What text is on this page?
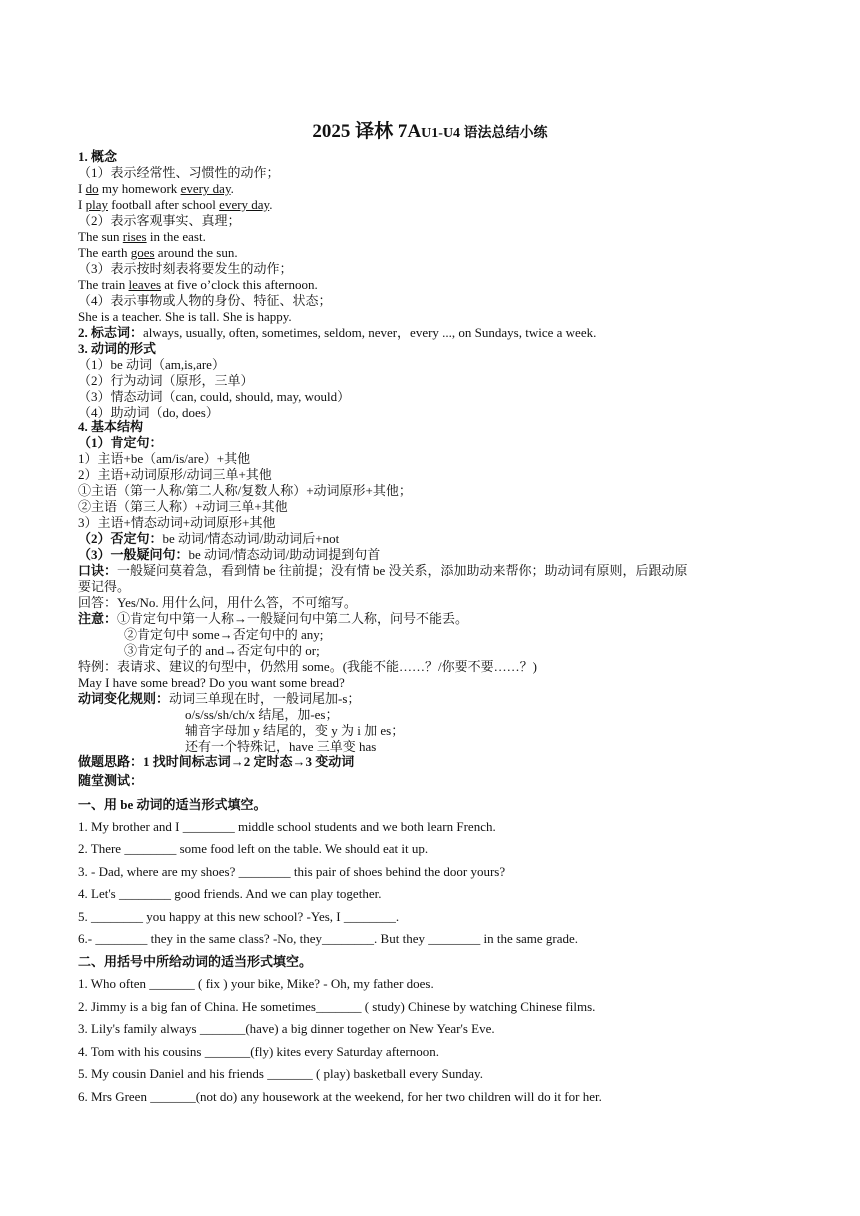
2025 译林 7AU1-U4 语法总结小练
1. 概念
（1）表示经常性、习惯性的动作；
I do my homework every day.
I play football after school every day.
（2）表示客观事实、真理；
The sun rises in the east.
The earth goes around the sun.
（3）表示按时刻表将要发生的动作；
The train leaves at five o’clock this afternoon.
（4）表示事物或人物的身份、特征、状态；
She is a teacher. She is tall. She is happy.
2. 标志词：always, usually, often, sometimes, seldom, never，every ..., on Sundays, twice a week.
3. 动词的形式
（1）be 动词（am,is,are）
（2）行为动词（原形，三单）
（3）情态动词（can, could, should, may, would）
（4）助动词（do, does）
4. 基本结构
（1）肯定句：
1）主语+be（am/is/are）+其他
2）主语+动词原形/动词三单+其他
①主语（第一人称/第二人称/复数人称）+动词原形+其他；
②主语（第三人称）+动词三单+其他
3）主语+情态动词+动词原形+其他
（2）否定句：be 动词/情态动词/助动词后+not
（3）一般疑问句：be 动词/情态动词/助动词提到句首
口诀：一般疑问莫着急，看到情 be 往前提；没有情 be 没关系，添加助动来帮你；助动词有原则，后跟动原
要记得。
回答：Yes/No. 用什么问，用什么答，不可缩写。
注意：①肯定句中第一人称→一般疑问句中第二人称，问号不能丢。
②肯定句中 some→否定句中的 any;
③肯定句子的 and→否定句中的 or;
特例：表请求、建议的句型中，仍然用 some。(我能不能……？/你要不要……？)
May I have some bread? Do you want some bread?
动词变化规则：动词三单现在时，一般词尾加-s；
o/s/ss/sh/ch/x 结尾，加-es；
辅音字母加 y 结尾的，变 y 为 i 加 es；
还有一个特殊记，have 三单变 has
做题思路：1 找时间标志词→2 定时态→3 变动词
随堂测试：
一、用 be 动词的适当形式填空。
1. My brother and I ________ middle school students and we both learn French.
2. There ________ some food left on the table. We should eat it up.
3. - Dad, where are my shoes? ________ this pair of shoes behind the door yours?
4. Let's ________ good friends. And we can play together.
5. ________ you happy at this new school? -Yes, I ________.
6.- ________ they in the same class? -No, they________. But they ________ in the same grade.
二、用括号中所给动词的适当形式填空。
1. Who often _______ ( fix ) your bike, Mike? - Oh, my father does.
2. Jimmy is a big fan of China. He sometimes_______ ( study) Chinese by watching Chinese films.
3. Lily's family always _______(have) a big dinner together on New Year's Eve.
4. Tom with his cousins _______(fly) kites every Saturday afternoon.
5. My cousin Daniel and his friends _______ ( play) basketball every Sunday.
6. Mrs Green _______(not do) any housework at the weekend, for her two children will do it for her.
